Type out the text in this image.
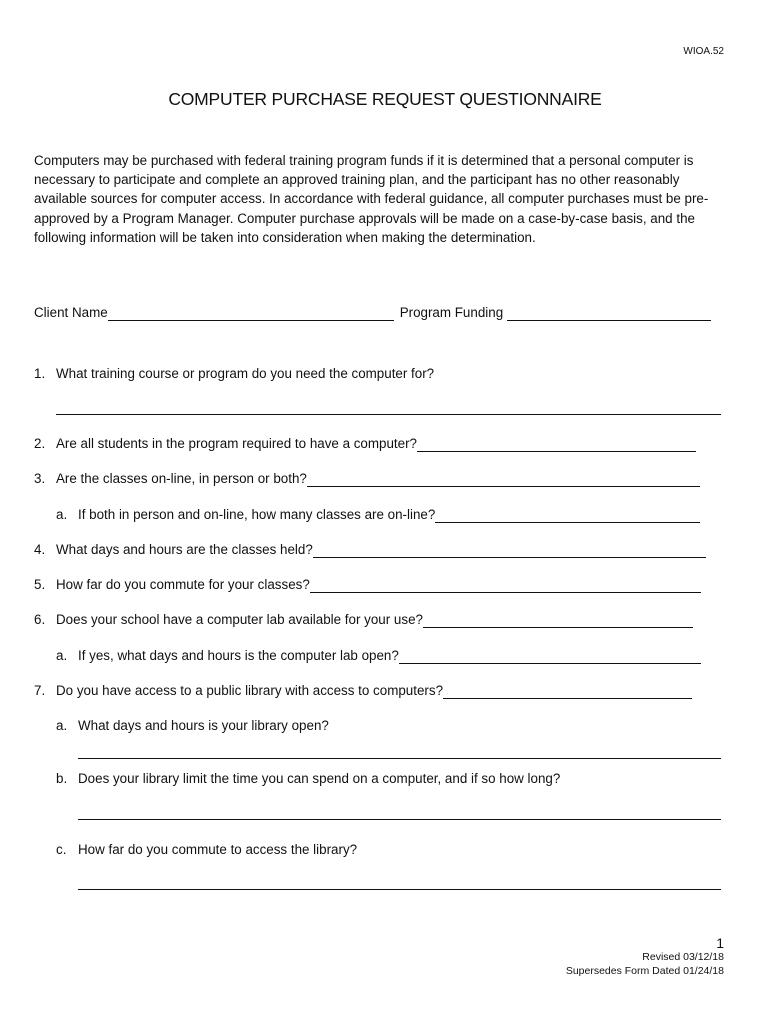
WIOA.52
COMPUTER PURCHASE REQUEST QUESTIONNAIRE
Computers may be purchased with federal training program funds if it is determined that a personal computer is necessary to participate and complete an approved training plan, and the participant has no other reasonably available sources for computer access. In accordance with federal guidance, all computer purchases must be pre-approved by a Program Manager. Computer purchase approvals will be made on a case-by-case basis, and the following information will be taken into consideration when making the determination.
Client Name	Program Funding
1. What training course or program do you need the computer for?
2. Are all students in the program required to have a computer?
3. Are the classes on-line, in person or both?
a. If both in person and on-line, how many classes are on-line?
4. What days and hours are the classes held?
5. How far do you commute for your classes?
6. Does your school have a computer lab available for your use?
a. If yes, what days and hours is the computer lab open?
7. Do you have access to a public library with access to computers?
a. What days and hours is your library open?
b. Does your library limit the time you can spend on a computer, and if so how long?
c. How far do you commute to access the library?
1
Revised 03/12/18
Supersedes Form Dated 01/24/18
